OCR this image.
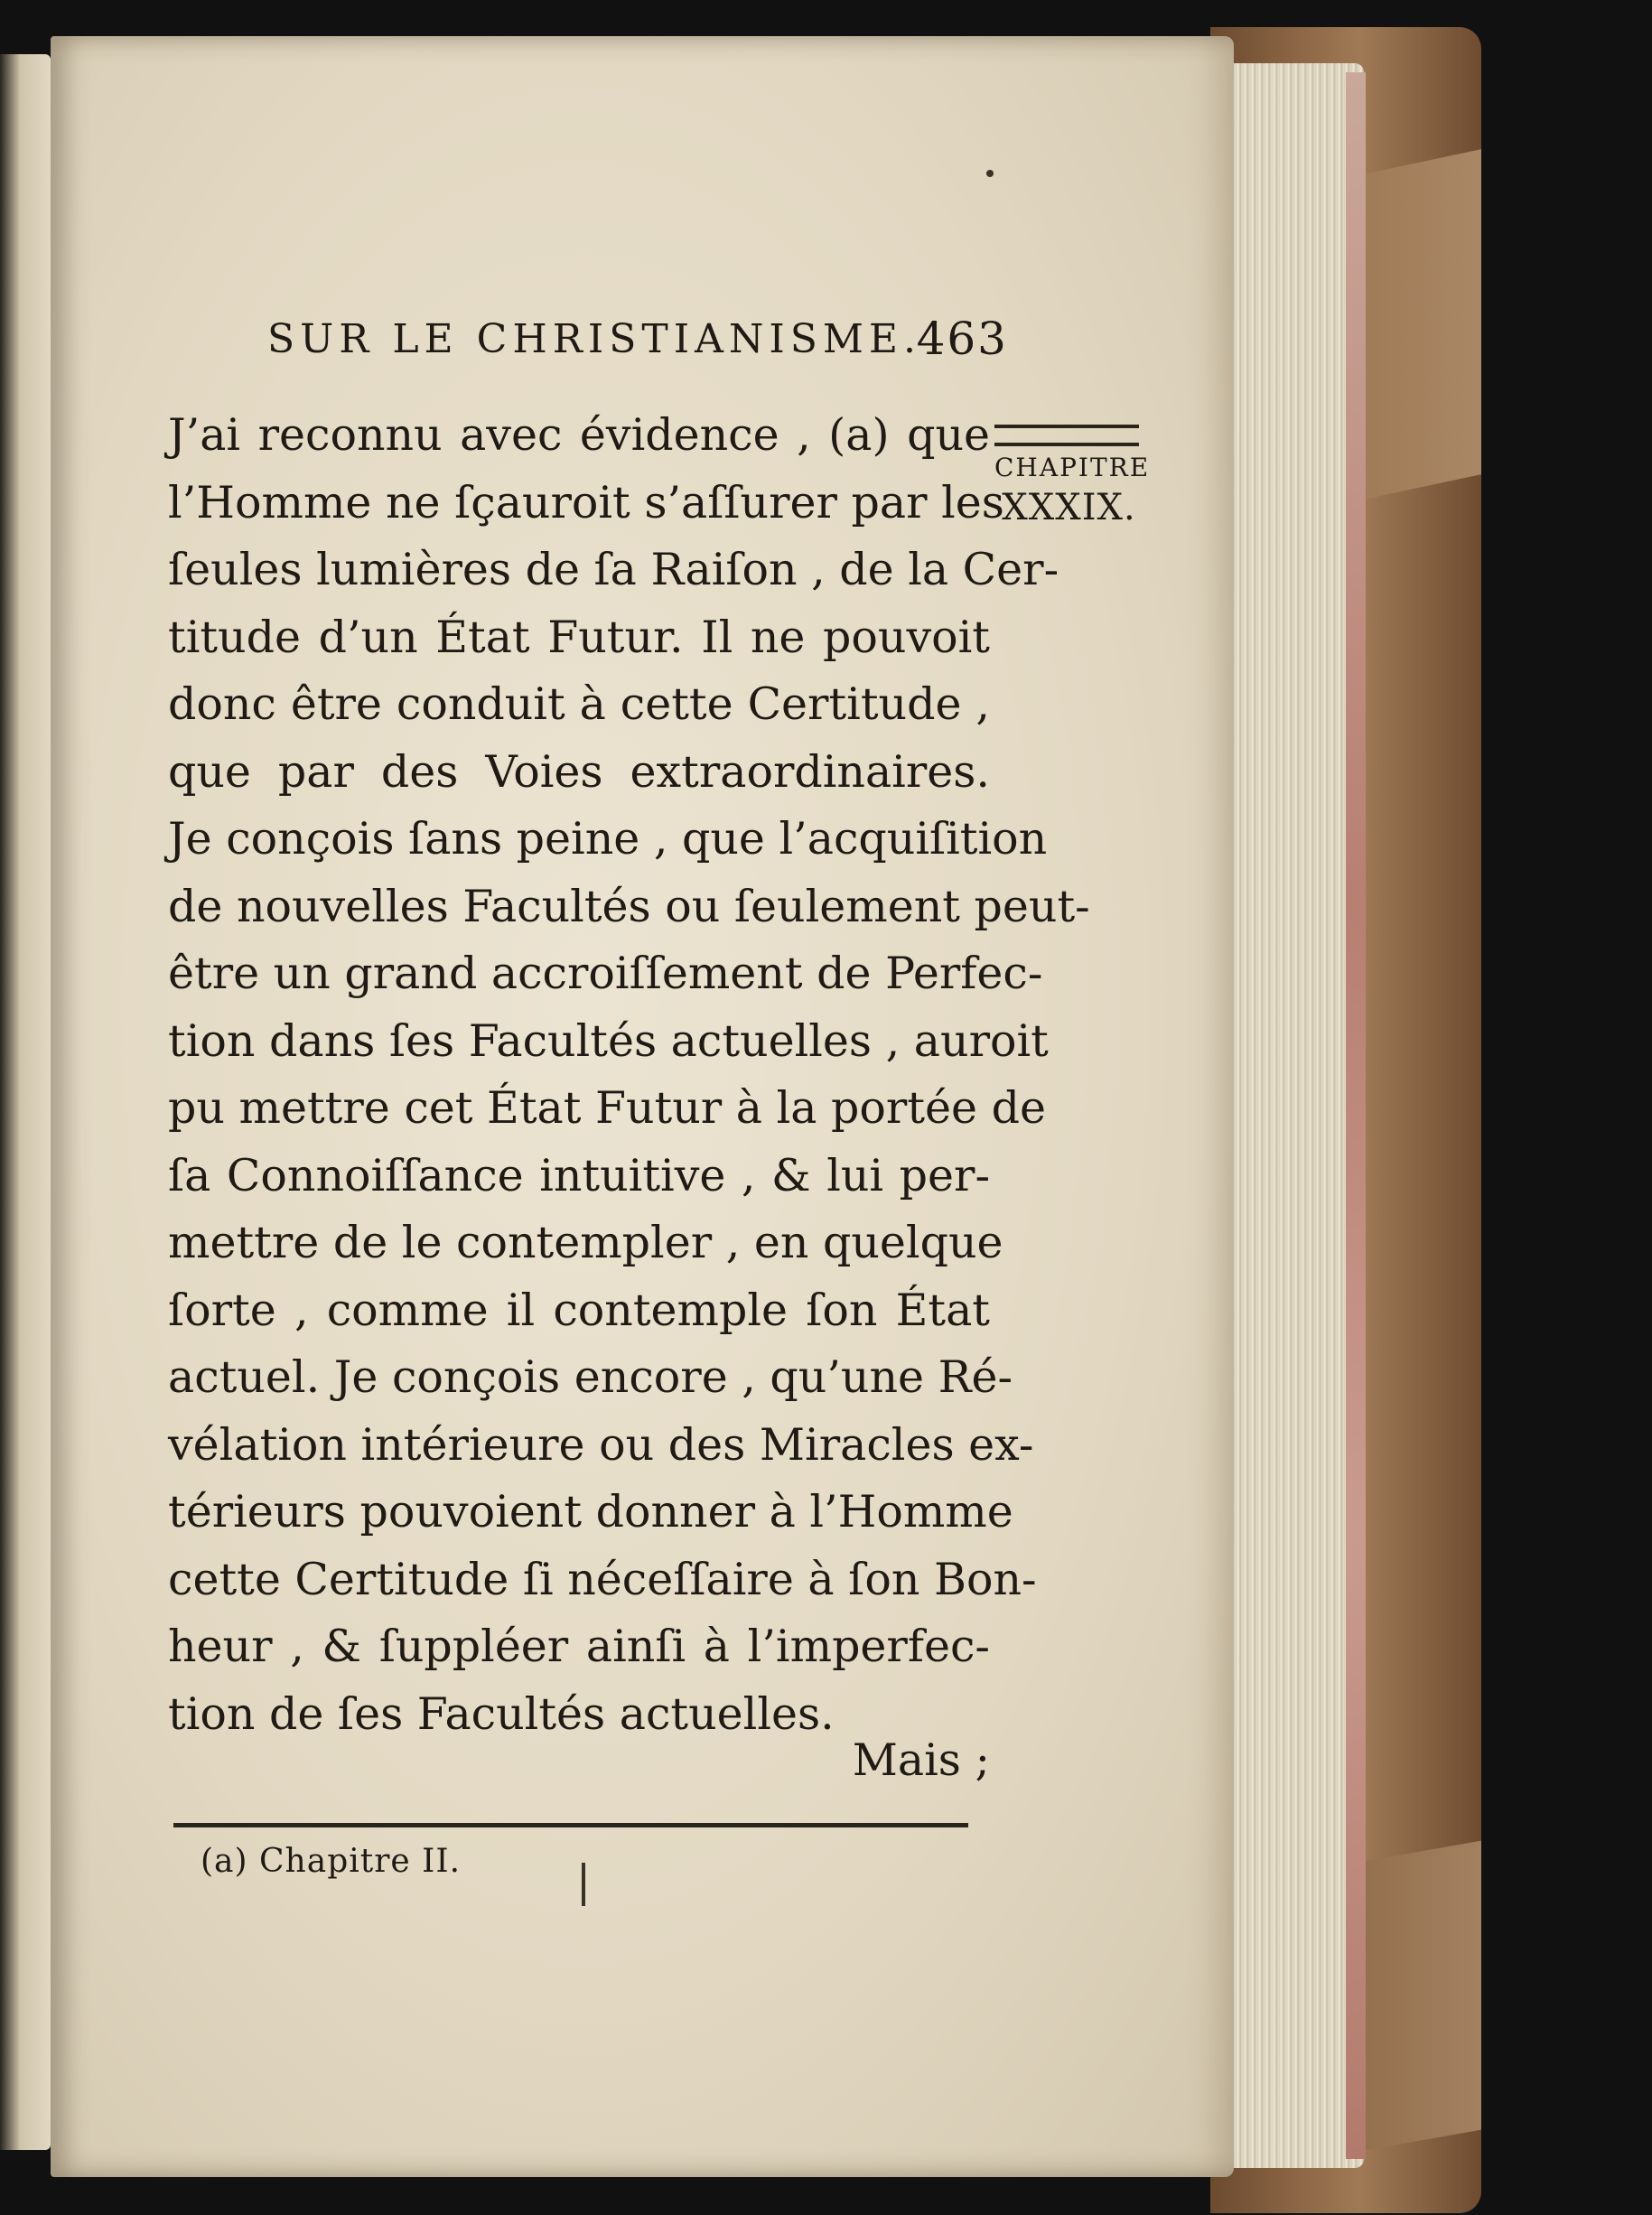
SUR LE CHRISTIANISME.
463
CHAPITRE
XXXIX.
J’ai reconnu avec évidence , (a) que
l’Homme ne ſçauroit s’aſſurer par les
ſeules lumières de ſa Raiſon , de la Cer-
titude d’un État Futur. Il ne pouvoit
donc être conduit à cette Certitude ,
que par des Voies extraordinaires.
Je conçois ſans peine , que l’acquiſition
de nouvelles Facultés ou ſeulement peut-
être un grand accroiſſement de Perfec-
tion dans ſes Facultés actuelles , auroit
pu mettre cet État Futur à la portée de
ſa Connoiſſance intuitive , & lui per-
mettre de le contempler , en quelque
ſorte , comme il contemple ſon État
actuel. Je conçois encore , qu’une Ré-
vélation intérieure ou des Miracles ex-
térieurs pouvoient donner à l’Homme
cette Certitude ſi néceſſaire à ſon Bon-
heur , & ſuppléer ainſi à l’imperfec-
tion de ſes Facultés actuelles.
Mais ;
(a) Chapitre II.
